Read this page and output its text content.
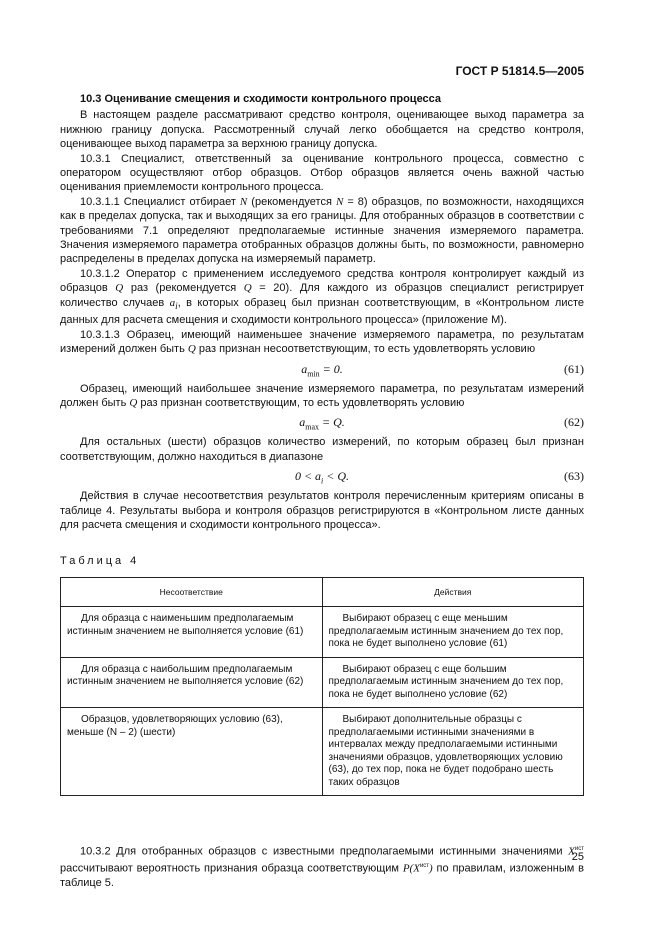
ГОСТ Р 51814.5—2005
10.3 Оценивание смещения и сходимости контрольного процесса

В настоящем разделе рассматривают средство контроля, оценивающее выход параметра за нижнюю границу допуска. Рассмотренный случай легко обобщается на средство контроля, оценивающее выход параметра за верхнюю границу допуска.

10.3.1 Специалист, ответственный за оценивание контрольного процесса, совместно с оператором осуществляют отбор образцов. Отбор образцов является очень важной частью оценивания приемлемости контрольного процесса.

10.3.1.1 Специалист отбирает N (рекомендуется N = 8) образцов, по возможности, находящихся как в пределах допуска, так и выходящих за его границы. Для отобранных образцов в соответствии с требованиями 7.1 определяют предполагаемые истинные значения измеряемого параметра. Значения измеряемого параметра отобранных образцов должны быть, по возможности, равномерно распределены в пределах допуска на измеряемый параметр.

10.3.1.2 Оператор с применением исследуемого средства контроля контролирует каждый из образцов Q раз (рекомендуется Q = 20). Для каждого из образцов специалист регистрирует количество случаев $a_i$, в которых образец был признан соответствующим, в «Контрольном листе данных для расчета смещения и сходимости контрольного процесса» (приложение М).

10.3.1.3 Образец, имеющий наименьшее значение измеряемого параметра, по результатам измерений должен быть Q раз признан несоответствующим, то есть удовлетворять условию

$a_{min} = 0$.	(61)

Образец, имеющий наибольшее значение измеряемого параметра, по результатам измерений должен быть Q раз признан соответствующим, то есть удовлетворять условию

$a_{max} = Q$.	(62)

Для остальных (шести) образцов количество измерений, по которым образец был признан соответствующим, должно находиться в диапазоне

$0 < a_i < Q$.	(63)

Действия в случае несоответствия результатов контроля перечисленным критериям описаны в таблице 4. Результаты выбора и контроля образцов регистрируются в «Контрольном листе данных для расчета смещения и сходимости контрольного процесса».

Таблица 4
Несоответствие	Действия

Для образца с наименьшим предполагаемым истинным значением не выполняется условие (61)	Выбирают образец с еще меньшим предполагаемым истинным значением до тех пор, пока не будет выполнено условие (61)

Для образца с наибольшим предполагаемым истинным значением не выполняется условие (62)	Выбирают образец с еще большим предполагаемым истинным значением до тех пор, пока не будет выполнено условие (62)

Образцов, удовлетворяющих условию (63), меньше (N – 2) (шести)	Выбирают дополнительные образцы с предполагаемыми истинными значениями в интервалах между предполагаемыми истинными значениями образцов, удовлетворяющих условию (63), до тех пор, пока не будет подобрано шесть таких образцов

10.3.2 Для отобранных образцов с известными предполагаемыми истинными значениями $X^{ист}$ рассчитывают вероятность признания образца соответствующим $P(X^{ист})$ по правилам, изложенным в таблице 5.

25
